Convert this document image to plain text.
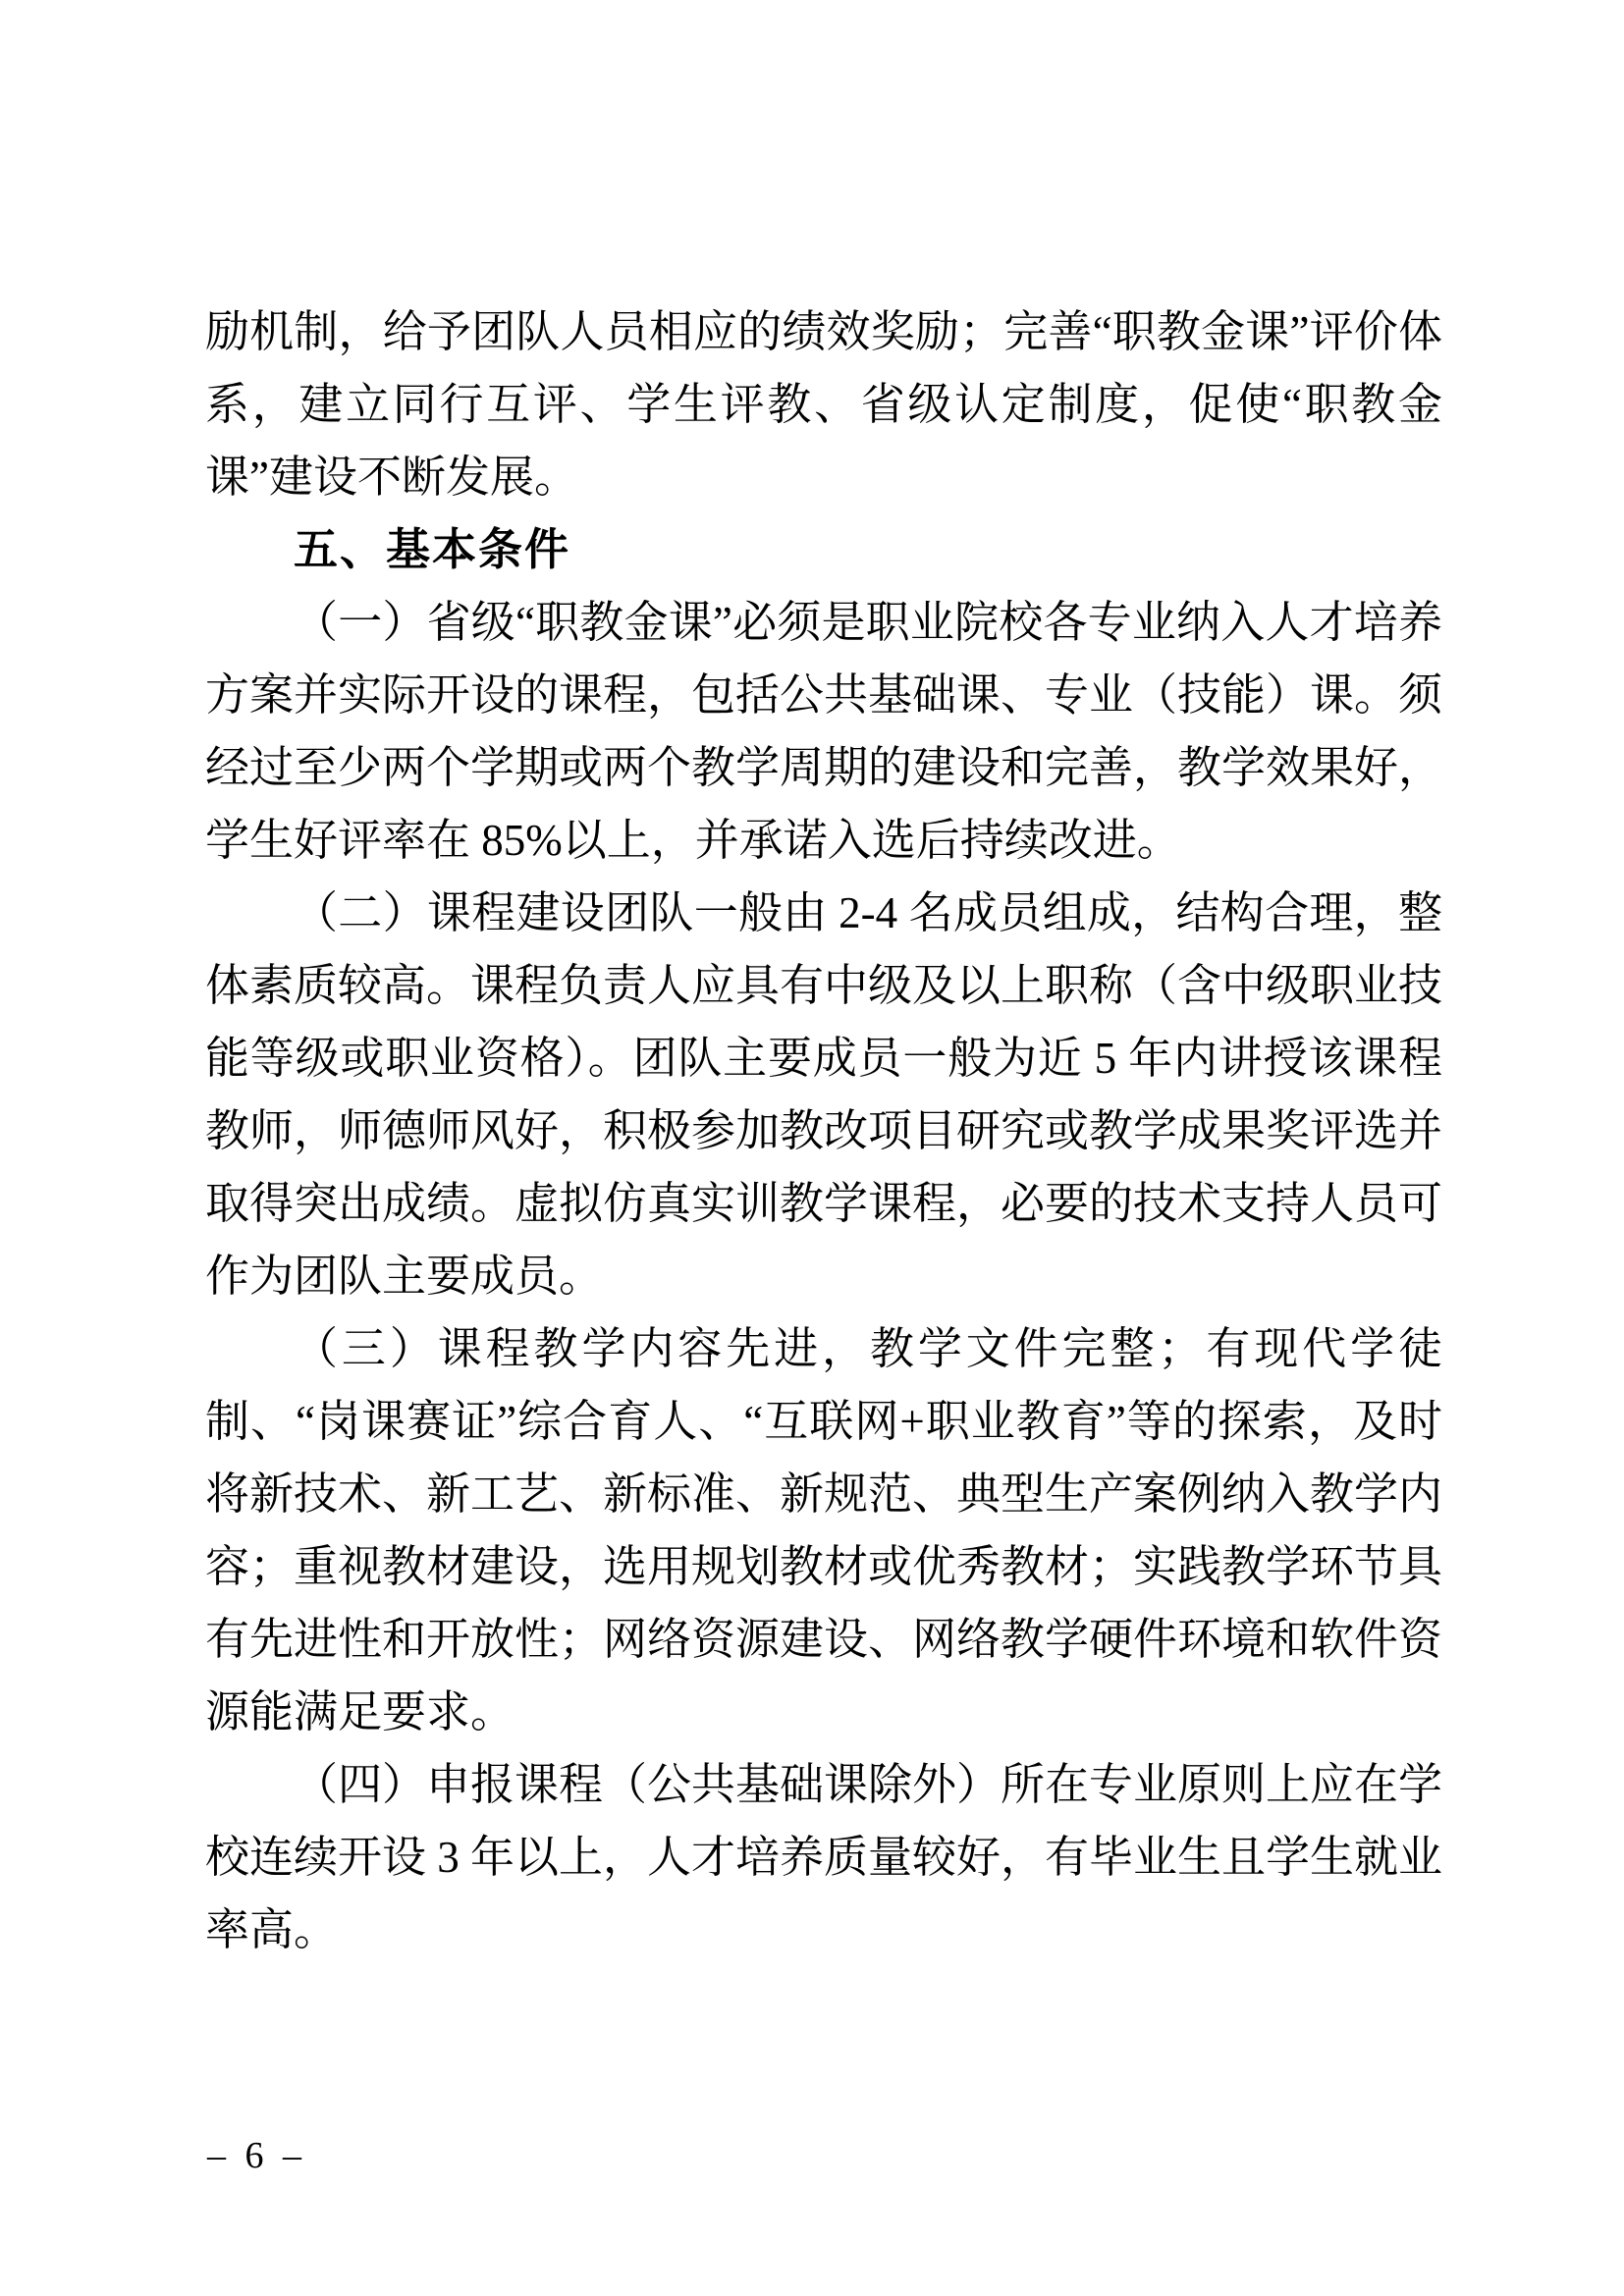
励机制，给予团队人员相应的绩效奖励；完善“职教金课”评价体系，建立同行互评、学生评教、省级认定制度，促使“职教金课”建设不断发展。

五、基本条件

（一）省级“职教金课”必须是职业院校各专业纳入人才培养方案并实际开设的课程，包括公共基础课、专业（技能）课。须经过至少两个学期或两个教学周期的建设和完善，教学效果好，学生好评率在 85%以上，并承诺入选后持续改进。

（二）课程建设团队一般由 2-4 名成员组成，结构合理，整体素质较高。课程负责人应具有中级及以上职称（含中级职业技能等级或职业资格）。团队主要成员一般为近 5 年内讲授该课程教师，师德师风好，积极参加教改项目研究或教学成果奖评选并取得突出成绩。虚拟仿真实训教学课程，必要的技术支持人员可作为团队主要成员。

（三）课程教学内容先进，教学文件完整；有现代学徒制、“岗课赛证”综合育人、“互联网+职业教育”等的探索，及时将新技术、新工艺、新标准、新规范、典型生产案例纳入教学内容；重视教材建设，选用规划教材或优秀教材；实践教学环节具有先进性和开放性；网络资源建设、网络教学硬件环境和软件资源能满足要求。

（四）申报课程（公共基础课除外）所在专业原则上应在学校连续开设 3 年以上，人才培养质量较好，有毕业生且学生就业率高。

– 6 –
